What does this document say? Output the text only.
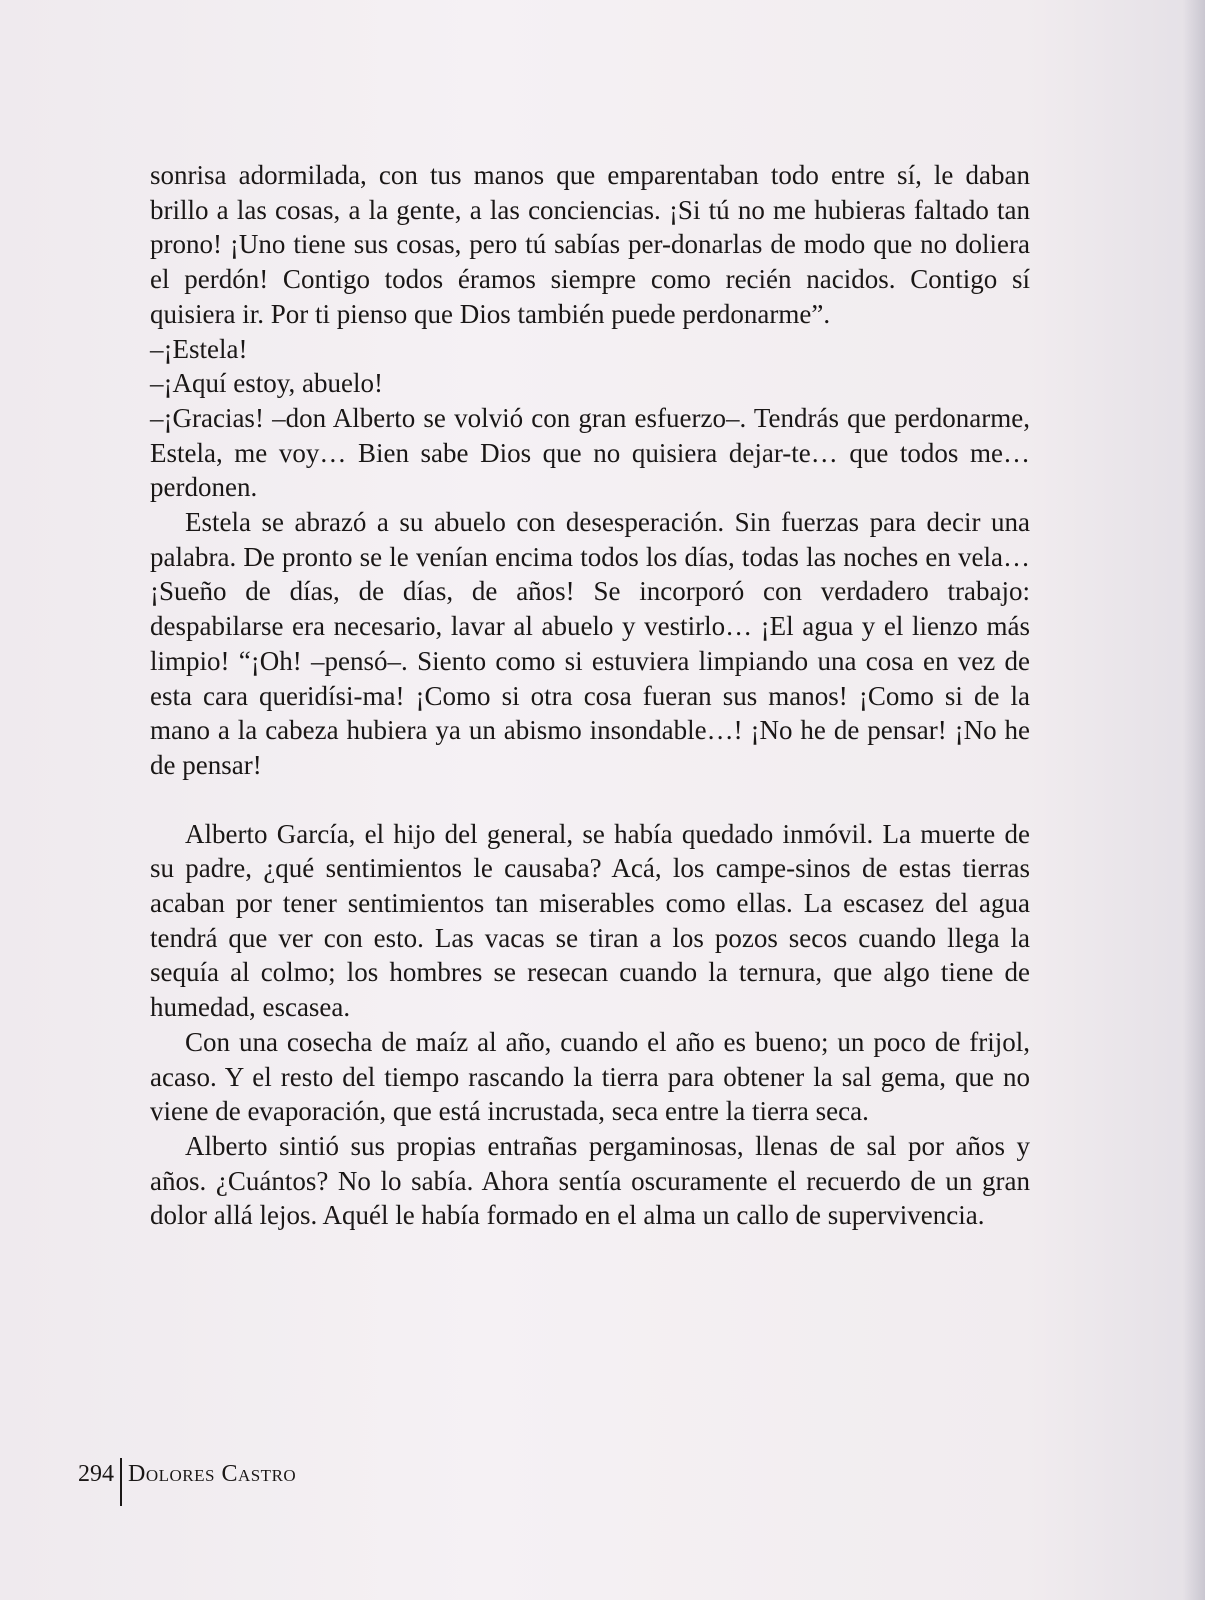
sonrisa adormilada, con tus manos que emparentaban todo entre sí, le daban brillo a las cosas, a la gente, a las conciencias. ¡Si tú no me hubieras faltado tan prono! ¡Uno tiene sus cosas, pero tú sabías per-donarlas de modo que no doliera el perdón! Contigo todos éramos siempre como recién nacidos. Contigo sí quisiera ir. Por ti pienso que Dios también puede perdonarme”.

–¡Estela!

–¡Aquí estoy, abuelo!

–¡Gracias! –don Alberto se volvió con gran esfuerzo–. Tendrás que perdonarme, Estela, me voy… Bien sabe Dios que no quisiera dejar-te… que todos me… perdonen.

Estela se abrazó a su abuelo con desesperación. Sin fuerzas para decir una palabra. De pronto se le venían encima todos los días, todas las noches en vela… ¡Sueño de días, de días, de años! Se incorporó con verdadero trabajo: despabilarse era necesario, lavar al abuelo y vestirlo… ¡El agua y el lienzo más limpio! “¡Oh! –pensó–. Siento como si estuviera limpiando una cosa en vez de esta cara queridísi-ma! ¡Como si otra cosa fueran sus manos! ¡Como si de la mano a la cabeza hubiera ya un abismo insondable…! ¡No he de pensar! ¡No he de pensar!

Alberto García, el hijo del general, se había quedado inmóvil. La muerte de su padre, ¿qué sentimientos le causaba? Acá, los campe-sinos de estas tierras acaban por tener sentimientos tan miserables como ellas. La escasez del agua tendrá que ver con esto. Las vacas se tiran a los pozos secos cuando llega la sequía al colmo; los hombres se resecan cuando la ternura, que algo tiene de humedad, escasea.

Con una cosecha de maíz al año, cuando el año es bueno; un poco de frijol, acaso. Y el resto del tiempo rascando la tierra para obtener la sal gema, que no viene de evaporación, que está incrustada, seca entre la tierra seca.

Alberto sintió sus propias entrañas pergaminosas, llenas de sal por años y años. ¿Cuántos? No lo sabía. Ahora sentía oscuramente el recuerdo de un gran dolor allá lejos. Aquél le había formado en el alma un callo de supervivencia.

294 Dolores Castro
